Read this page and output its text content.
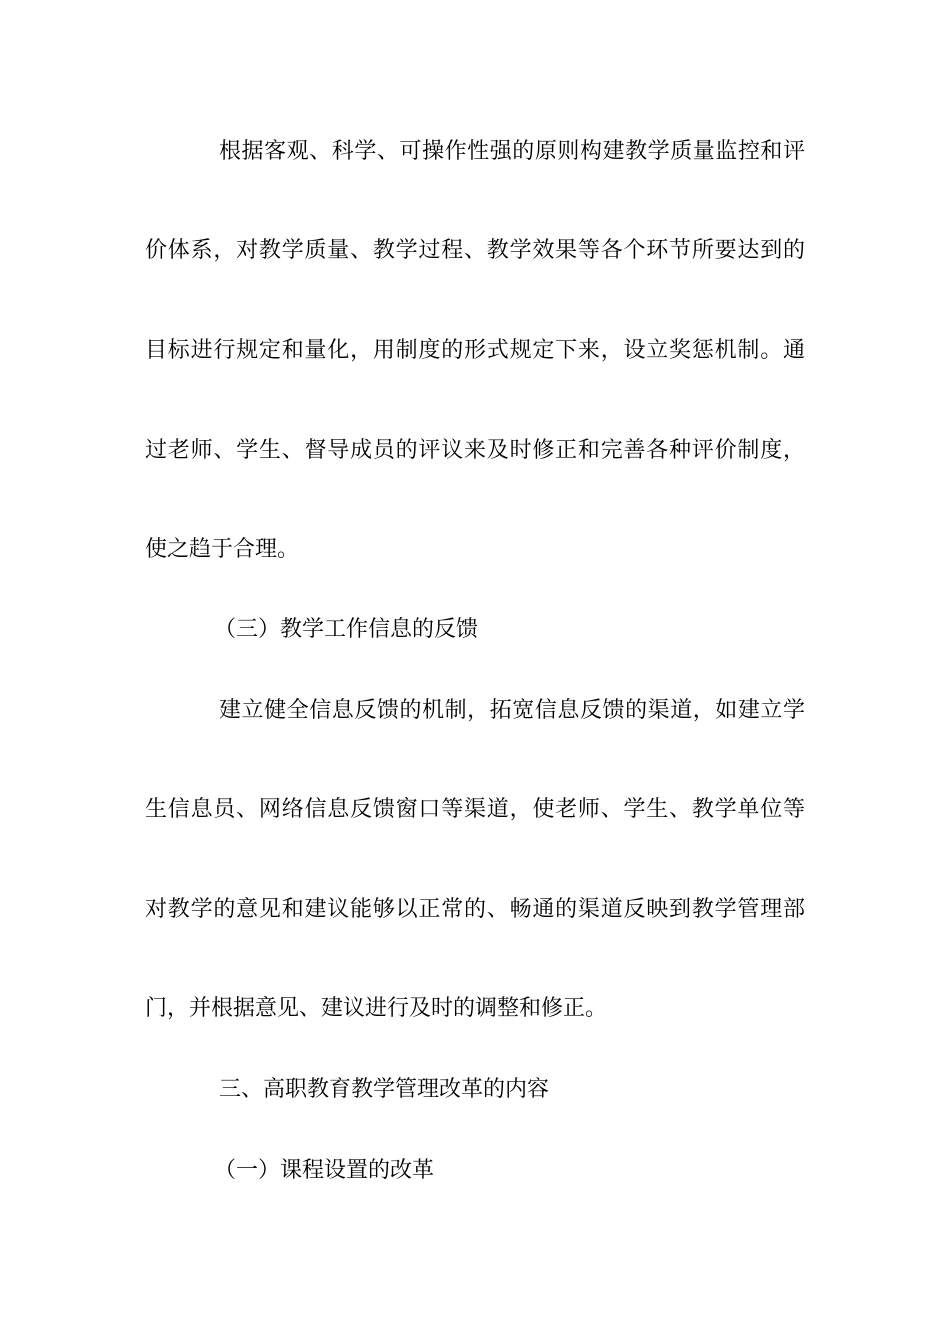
根据客观、科学、可操作性强的原则构建教学质量监控和评
价体系，对教学质量、教学过程、教学效果等各个环节所要达到的
目标进行规定和量化，用制度的形式规定下来，设立奖惩机制。通
过老师、学生、督导成员的评议来及时修正和完善各种评价制度，
使之趋于合理。
（三）教学工作信息的反馈
建立健全信息反馈的机制，拓宽信息反馈的渠道，如建立学
生信息员、网络信息反馈窗口等渠道，使老师、学生、教学单位等
对教学的意见和建议能够以正常的、畅通的渠道反映到教学管理部
门，并根据意见、建议进行及时的调整和修正。
三、高职教育教学管理改革的内容
（一）课程设置的改革
